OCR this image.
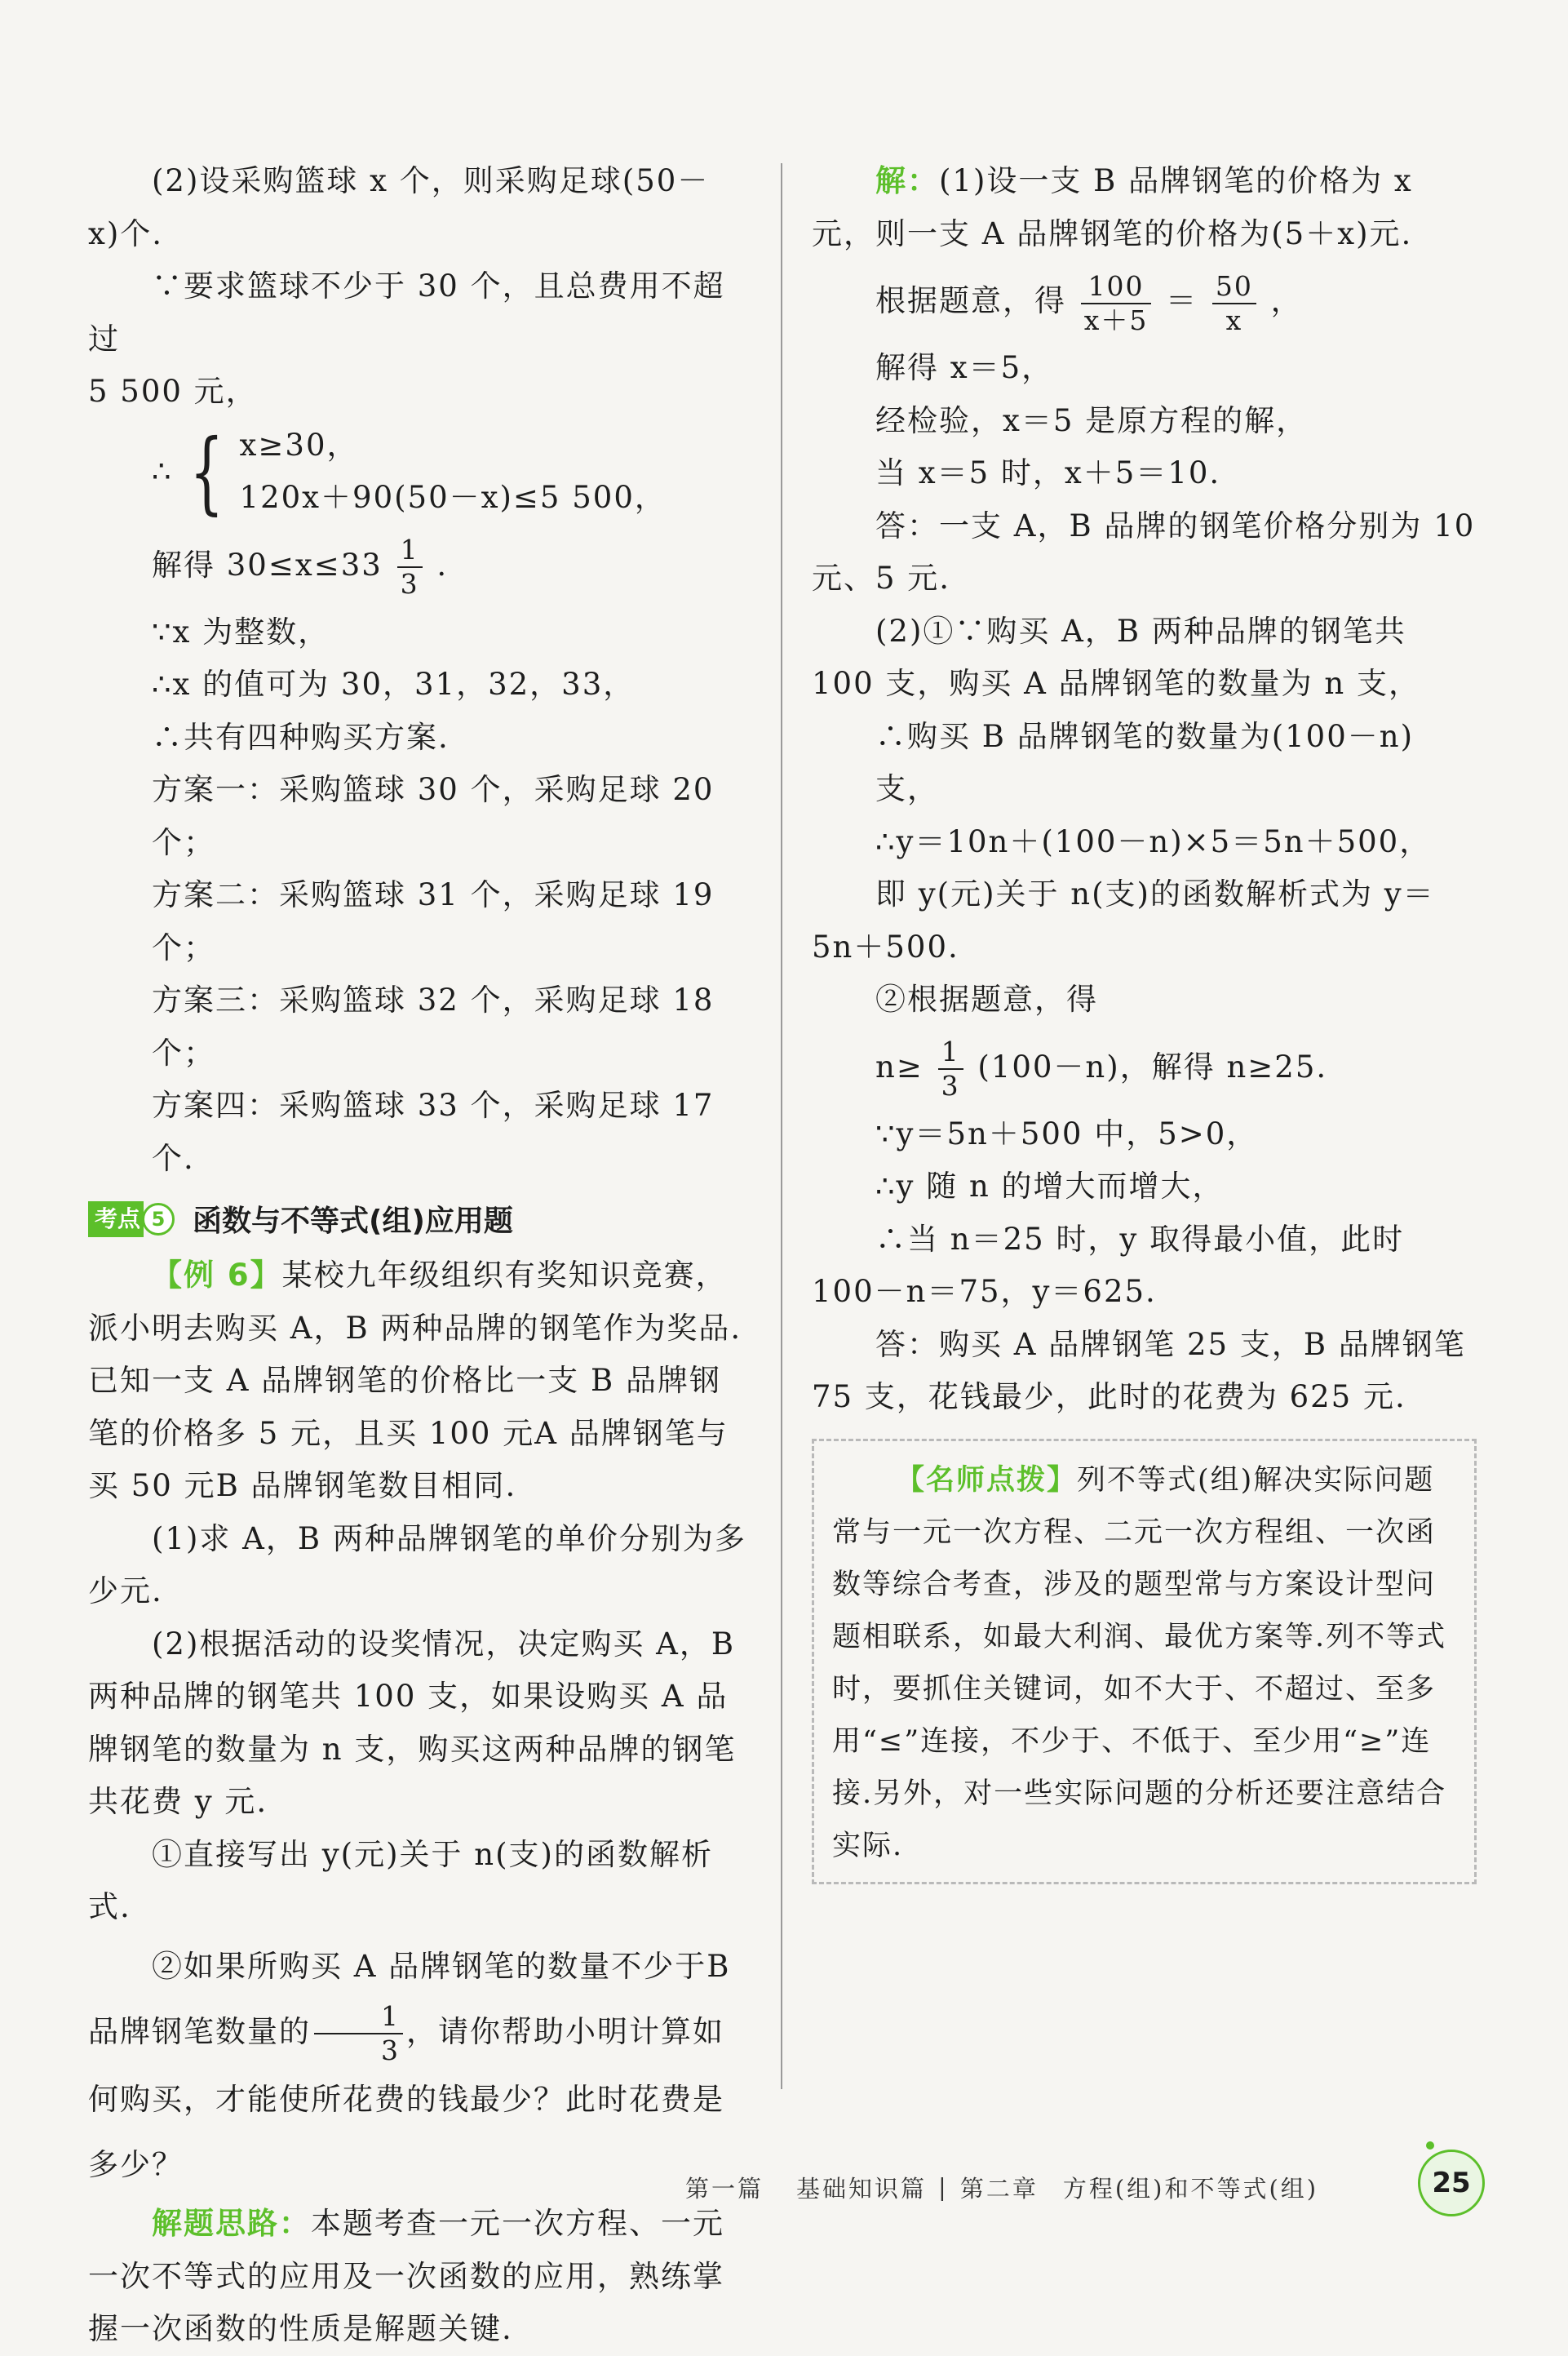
(2)设采购篮球 x 个，则采购足球(50－

x)个.

∵要求篮球不少于 30 个，且总费用不超过

5 500 元，

∴ { x≥30，
120x＋90(50－x)≤5 500，

解得 $30\le x\le 33 \frac{1}{3}$ .

∵x 为整数，

∴x 的值可为 30，31，32，33，

∴共有四种购买方案.

方案一：采购篮球 30 个，采购足球 20 个；

方案二：采购篮球 31 个，采购足球 19 个；

方案三：采购篮球 32 个，采购足球 18 个；

方案四：采购篮球 33 个，采购足球 17 个.

考点 5 函数与不等式(组)应用题

【例 6】某校九年级组织有奖知识竞赛，派小明去购买 A，B 两种品牌的钢笔作为奖品.已知一支 A 品牌钢笔的价格比一支 B 品牌钢笔的价格多 5 元，且买 100 元A 品牌钢笔与买 50 元B 品牌钢笔数目相同.

(1)求 A，B 两种品牌钢笔的单价分别为多少元.

(2)根据活动的设奖情况，决定购买 A，B 两种品牌的钢笔共 100 支，如果设购买 A 品牌钢笔的数量为 n 支，购买这两种品牌的钢笔共花费 y 元.

①直接写出 y(元)关于 n(支)的函数解析式.

②如果所购买 A 品牌钢笔的数量不少于B 品牌钢笔数量的 $\frac{1}{3}$ ，请你帮助小明计算如何购买，才能使所花费的钱最少？此时花费是多少？

解题思路：本题考查一元一次方程、一元一次不等式的应用及一次函数的应用，熟练掌握一次函数的性质是解题关键.

解：(1)设一支 B 品牌钢笔的价格为 x 元，则一支 A 品牌钢笔的价格为(5＋x)元.

根据题意，得 $\frac{100}{x+5} = \frac{50}{x}$ ，

解得 x＝5，

经检验，x＝5 是原方程的解，

当 x＝5 时，x＋5＝10.

答：一支 A，B 品牌的钢笔价格分别为 10 元、5 元.

(2)①∵购买 A，B 两种品牌的钢笔共 100 支，购买 A 品牌钢笔的数量为 n 支，

∴购买 B 品牌钢笔的数量为(100－n)支，

∴y＝10n＋(100－n)×5＝5n＋500，

即 y(元)关于 n(支)的函数解析式为 y＝5n＋500.

②根据题意，得

$n\ge \frac{1}{3} (100-n)$，解得 n≥25.

∵y＝5n＋500 中，5>0，

∴y 随 n 的增大而增大，

∴当 n＝25 时，y 取得最小值，此时 100－n＝75，y＝625.

答：购买 A 品牌钢笔 25 支，B 品牌钢笔 75 支，花钱最少，此时的花费为 625 元.

【名师点拨】列不等式(组)解决实际问题常与一元一次方程、二元一次方程组、一次函数等综合考查，涉及的题型常与方案设计型问题相联系，如最大利润、最优方案等.列不等式时，要抓住关键词，如不大于、不超过、至多用“≤”连接，不少于、不低于、至少用“≥”连接.另外，对一些实际问题的分析还要注意结合实际.

第一篇 基础知识篇 | 第二章 方程(组)和不等式(组)	25
